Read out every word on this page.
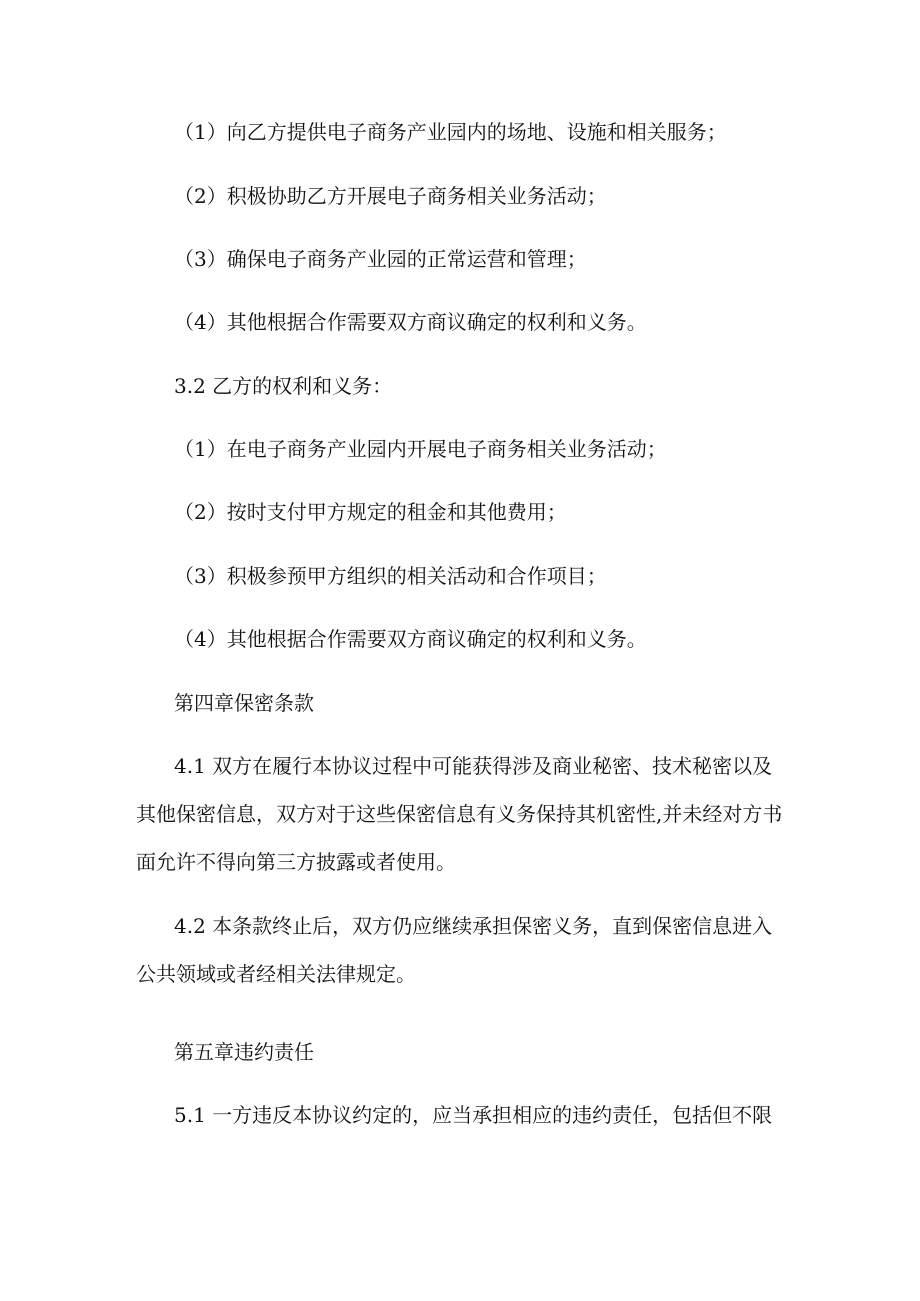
（1）向乙方提供电子商务产业园内的场地、设施和相关服务；
（2）积极协助乙方开展电子商务相关业务活动；
（3）确保电子商务产业园的正常运营和管理；
（4）其他根据合作需要双方商议确定的权利和义务。
3.2 乙方的权利和义务：
（1）在电子商务产业园内开展电子商务相关业务活动；
（2）按时支付甲方规定的租金和其他费用；
（3）积极参预甲方组织的相关活动和合作项目；
（4）其他根据合作需要双方商议确定的权利和义务。
第四章保密条款
4.1 双方在履行本协议过程中可能获得涉及商业秘密、技术秘密以及
其他保密信息，双方对于这些保密信息有义务保持其机密性,并未经对方书
面允许不得向第三方披露或者使用。
4.2 本条款终止后，双方仍应继续承担保密义务，直到保密信息进入
公共领域或者经相关法律规定。
第五章违约责任
5.1 一方违反本协议约定的，应当承担相应的违约责任，包括但不限
